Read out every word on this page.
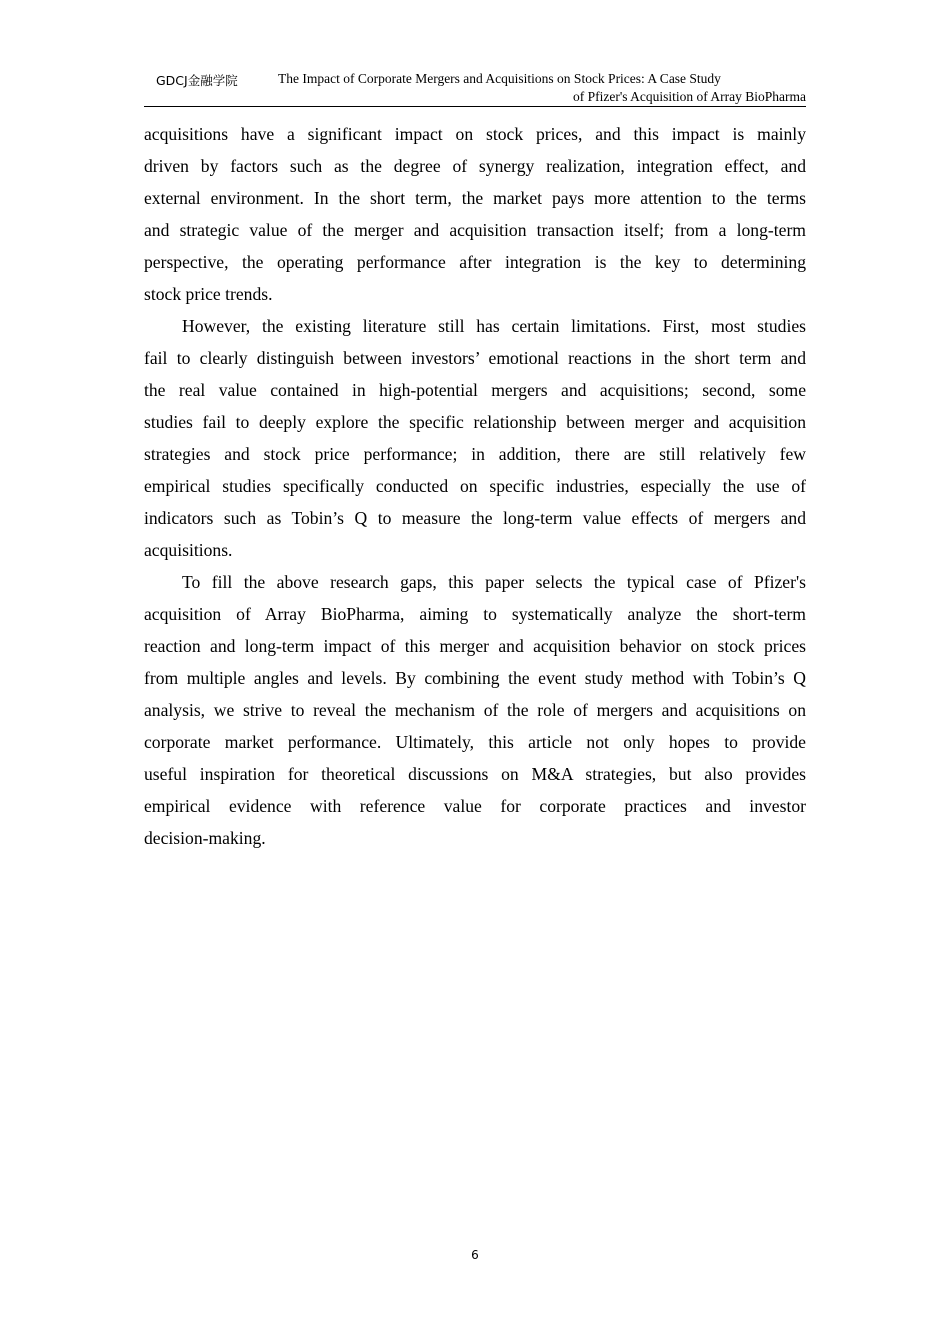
GDCJ金融学院	The Impact of Corporate Mergers and Acquisitions on Stock Prices: A Case Study
of Pfizer's Acquisition of Array BioPharma
acquisitions have a significant impact on stock prices, and this impact is mainly
driven by factors such as the degree of synergy realization, integration effect, and
external environment. In the short term, the market pays more attention to the terms
and strategic value of the merger and acquisition transaction itself; from a long-term
perspective, the operating performance after integration is the key to determining
stock price trends.
However, the existing literature still has certain limitations. First, most studies
fail to clearly distinguish between investors’ emotional reactions in the short term and
the real value contained in high-potential mergers and acquisitions; second, some
studies fail to deeply explore the specific relationship between merger and acquisition
strategies and stock price performance; in addition, there are still relatively few
empirical studies specifically conducted on specific industries, especially the use of
indicators such as Tobin’s Q to measure the long-term value effects of mergers and
acquisitions.
To fill the above research gaps, this paper selects the typical case of Pfizer's
acquisition of Array BioPharma, aiming to systematically analyze the short-term
reaction and long-term impact of this merger and acquisition behavior on stock prices
from multiple angles and levels. By combining the event study method with Tobin’s Q
analysis, we strive to reveal the mechanism of the role of mergers and acquisitions on
corporate market performance. Ultimately, this article not only hopes to provide
useful inspiration for theoretical discussions on M&A strategies, but also provides
empirical evidence with reference value for corporate practices and investor
decision-making.
6
